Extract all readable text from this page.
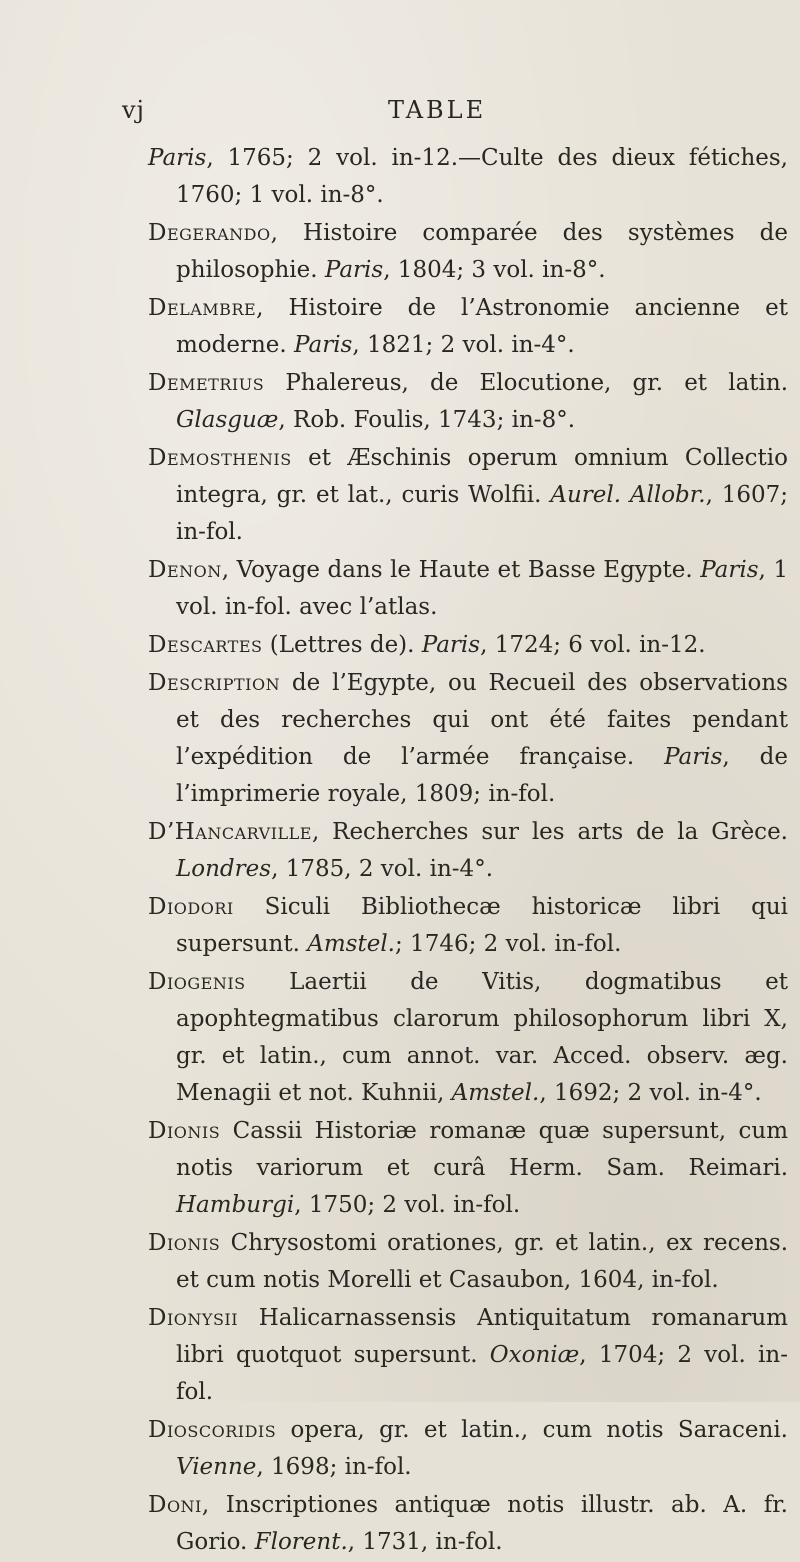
vj	TABLE

Paris, 1765; 2 vol. in-12.—Culte des dieux fétiches, 1760; 1 vol. in-8°.

Degerando, Histoire comparée des systèmes de philosophie. Paris, 1804; 3 vol. in-8°.

Delambre, Histoire de l’Astronomie ancienne et moderne. Paris, 1821; 2 vol. in-4°.

Demetrius Phalereus, de Elocutione, gr. et latin. Glasguæ, Rob. Foulis, 1743; in-8°.

Demosthenis et Æschinis operum omnium Collectio integra, gr. et lat., curis Wolfii. Aurel. Allobr., 1607; in-fol.

Denon, Voyage dans le Haute et Basse Egypte. Paris, 1 vol. in-fol. avec l’atlas.

Descartes (Lettres de). Paris, 1724; 6 vol. in-12.

Description de l’Egypte, ou Recueil des observations et des recherches qui ont été faites pendant l’expédition de l’armée française. Paris, de l’imprimerie royale, 1809; in-fol.

D’Hancarville, Recherches sur les arts de la Grèce. Londres, 1785, 2 vol. in-4°.

Diodori Siculi Bibliothecæ historicæ libri qui supersunt. Amstel.; 1746; 2 vol. in-fol.

Diogenis Laertii de Vitis, dogmatibus et apophtegmatibus clarorum philosophorum libri X, gr. et latin., cum annot. var. Acced. observ. æg. Menagii et not. Kuhnii, Amstel., 1692; 2 vol. in-4°.

Dionis Cassii Historiæ romanæ quæ supersunt, cum notis variorum et curâ Herm. Sam. Reimari. Hamburgi, 1750; 2 vol. in-fol.

Dionis Chrysostomi orationes, gr. et latin., ex recens. et cum notis Morelli et Casaubon, 1604, in-fol.

Dionysii Halicarnassensis Antiquitatum romanarum libri quotquot supersunt. Oxoniæ, 1704; 2 vol. in-fol.

Dioscoridis opera, gr. et latin., cum notis Saraceni. Vienne, 1698; in-fol.

Doni, Inscriptiones antiquæ notis illustr. ab. A. fr. Gorio. Florent., 1731, in-fol.
